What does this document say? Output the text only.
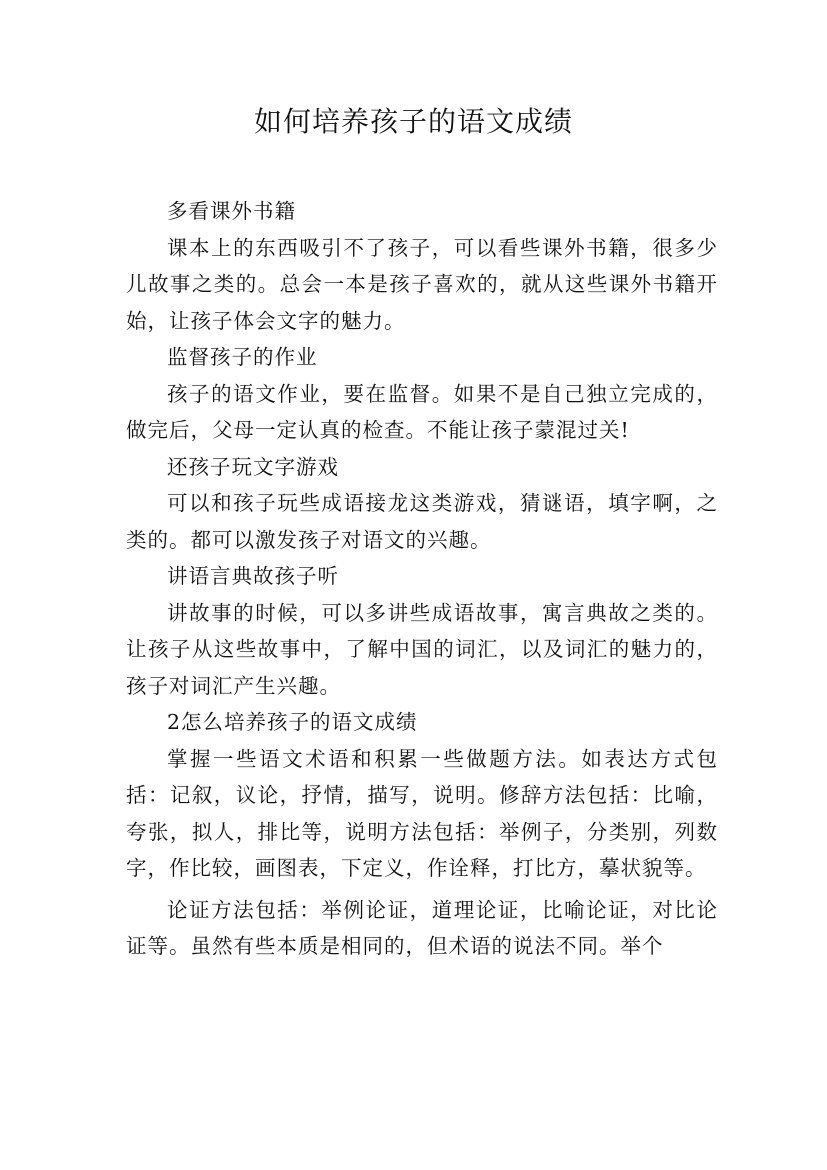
如何培养孩子的语文成绩

多看课外书籍

课本上的东西吸引不了孩子，可以看些课外书籍，很多少儿故事之类的。总会一本是孩子喜欢的，就从这些课外书籍开始，让孩子体会文字的魅力。

监督孩子的作业

孩子的语文作业，要在监督。如果不是自己独立完成的，做完后，父母一定认真的检查。不能让孩子蒙混过关!

还孩子玩文字游戏

可以和孩子玩些成语接龙这类游戏，猜谜语，填字啊，之类的。都可以激发孩子对语文的兴趣。

讲语言典故孩子听

讲故事的时候，可以多讲些成语故事，寓言典故之类的。让孩子从这些故事中，了解中国的词汇，以及词汇的魅力的，孩子对词汇产生兴趣。

2怎么培养孩子的语文成绩

掌握一些语文术语和积累一些做题方法。如表达方式包括：记叙，议论，抒情，描写，说明。修辞方法包括：比喻，夸张，拟人，排比等，说明方法包括：举例子，分类别，列数字，作比较，画图表，下定义，作诠释，打比方，摹状貌等。

论证方法包括：举例论证，道理论证，比喻论证，对比论证等。虽然有些本质是相同的，但术语的说法不同。举个
